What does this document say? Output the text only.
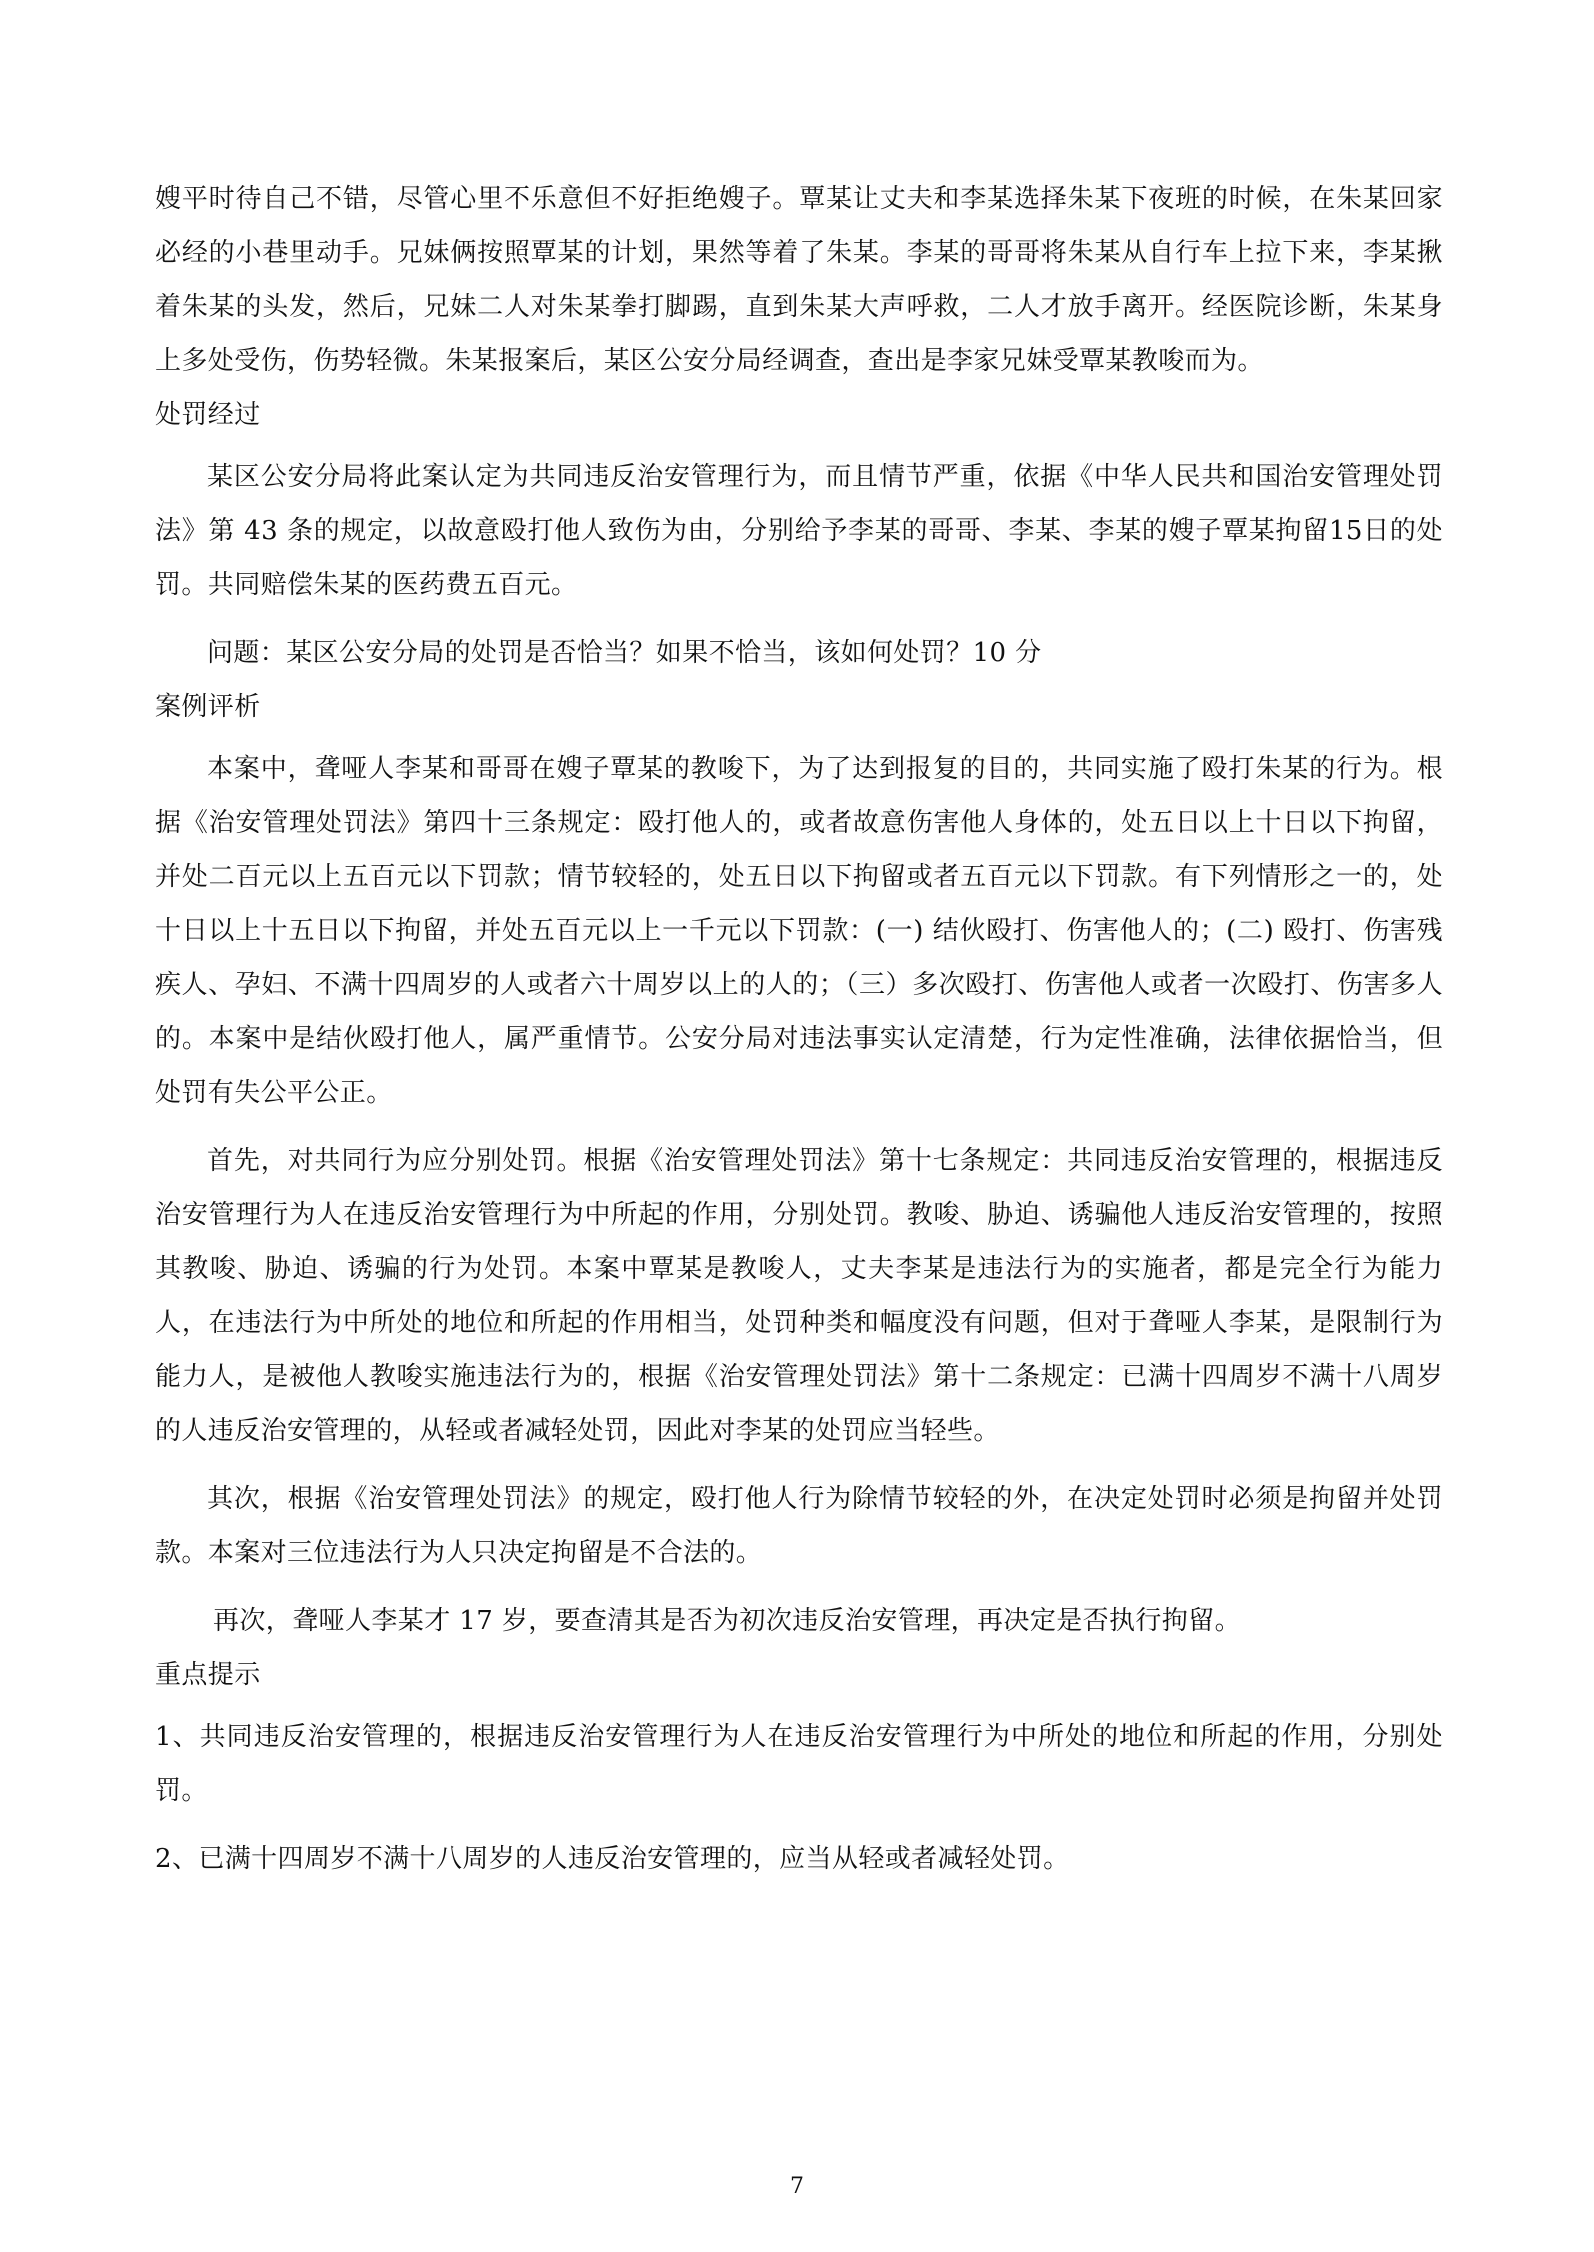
嫂平时待自己不错，尽管心里不乐意但不好拒绝嫂子。覃某让丈夫和李某选择朱某下夜班的时候，在朱某回家必经的小巷里动手。兄妹俩按照覃某的计划，果然等着了朱某。李某的哥哥将朱某从自行车上拉下来，李某揪着朱某的头发，然后，兄妹二人对朱某拳打脚踢，直到朱某大声呼救，二人才放手离开。经医院诊断，朱某身上多处受伤，伤势轻微。朱某报案后，某区公安分局经调查，查出是李家兄妹受覃某教唆而为。

处罚经过

某区公安分局将此案认定为共同违反治安管理行为，而且情节严重，依据《中华人民共和国治安管理处罚法》第 43 条的规定，以故意殴打他人致伤为由，分别给予李某的哥哥、李某、李某的嫂子覃某拘留15日的处罚。共同赔偿朱某的医药费五百元。

问题：某区公安分局的处罚是否恰当？如果不恰当，该如何处罚？10 分

案例评析

本案中，聋哑人李某和哥哥在嫂子覃某的教唆下，为了达到报复的目的，共同实施了殴打朱某的行为。根据《治安管理处罚法》第四十三条规定：殴打他人的，或者故意伤害他人身体的，处五日以上十日以下拘留，并处二百元以上五百元以下罚款；情节较轻的，处五日以下拘留或者五百元以下罚款。有下列情形之一的，处十日以上十五日以下拘留，并处五百元以上一千元以下罚款：(一) 结伙殴打、伤害他人的；(二) 殴打、伤害残疾人、孕妇、不满十四周岁的人或者六十周岁以上的人的；（三）多次殴打、伤害他人或者一次殴打、伤害多人的。本案中是结伙殴打他人，属严重情节。公安分局对违法事实认定清楚，行为定性准确，法律依据恰当，但处罚有失公平公正。

首先，对共同行为应分别处罚。根据《治安管理处罚法》第十七条规定：共同违反治安管理的，根据违反治安管理行为人在违反治安管理行为中所起的作用，分别处罚。教唆、胁迫、诱骗他人违反治安管理的，按照其教唆、胁迫、诱骗的行为处罚。本案中覃某是教唆人，丈夫李某是违法行为的实施者，都是完全行为能力人，在违法行为中所处的地位和所起的作用相当，处罚种类和幅度没有问题，但对于聋哑人李某，是限制行为能力人，是被他人教唆实施违法行为的，根据《治安管理处罚法》第十二条规定：已满十四周岁不满十八周岁的人违反治安管理的，从轻或者减轻处罚，因此对李某的处罚应当轻些。

其次，根据《治安管理处罚法》的规定，殴打他人行为除情节较轻的外，在决定处罚时必须是拘留并处罚款。本案对三位违法行为人只决定拘留是不合法的。

再次，聋哑人李某才 17 岁，要查清其是否为初次违反治安管理，再决定是否执行拘留。

重点提示

1、共同违反治安管理的，根据违反治安管理行为人在违反治安管理行为中所处的地位和所起的作用，分别处罚。

2、已满十四周岁不满十八周岁的人违反治安管理的，应当从轻或者减轻处罚。

7
